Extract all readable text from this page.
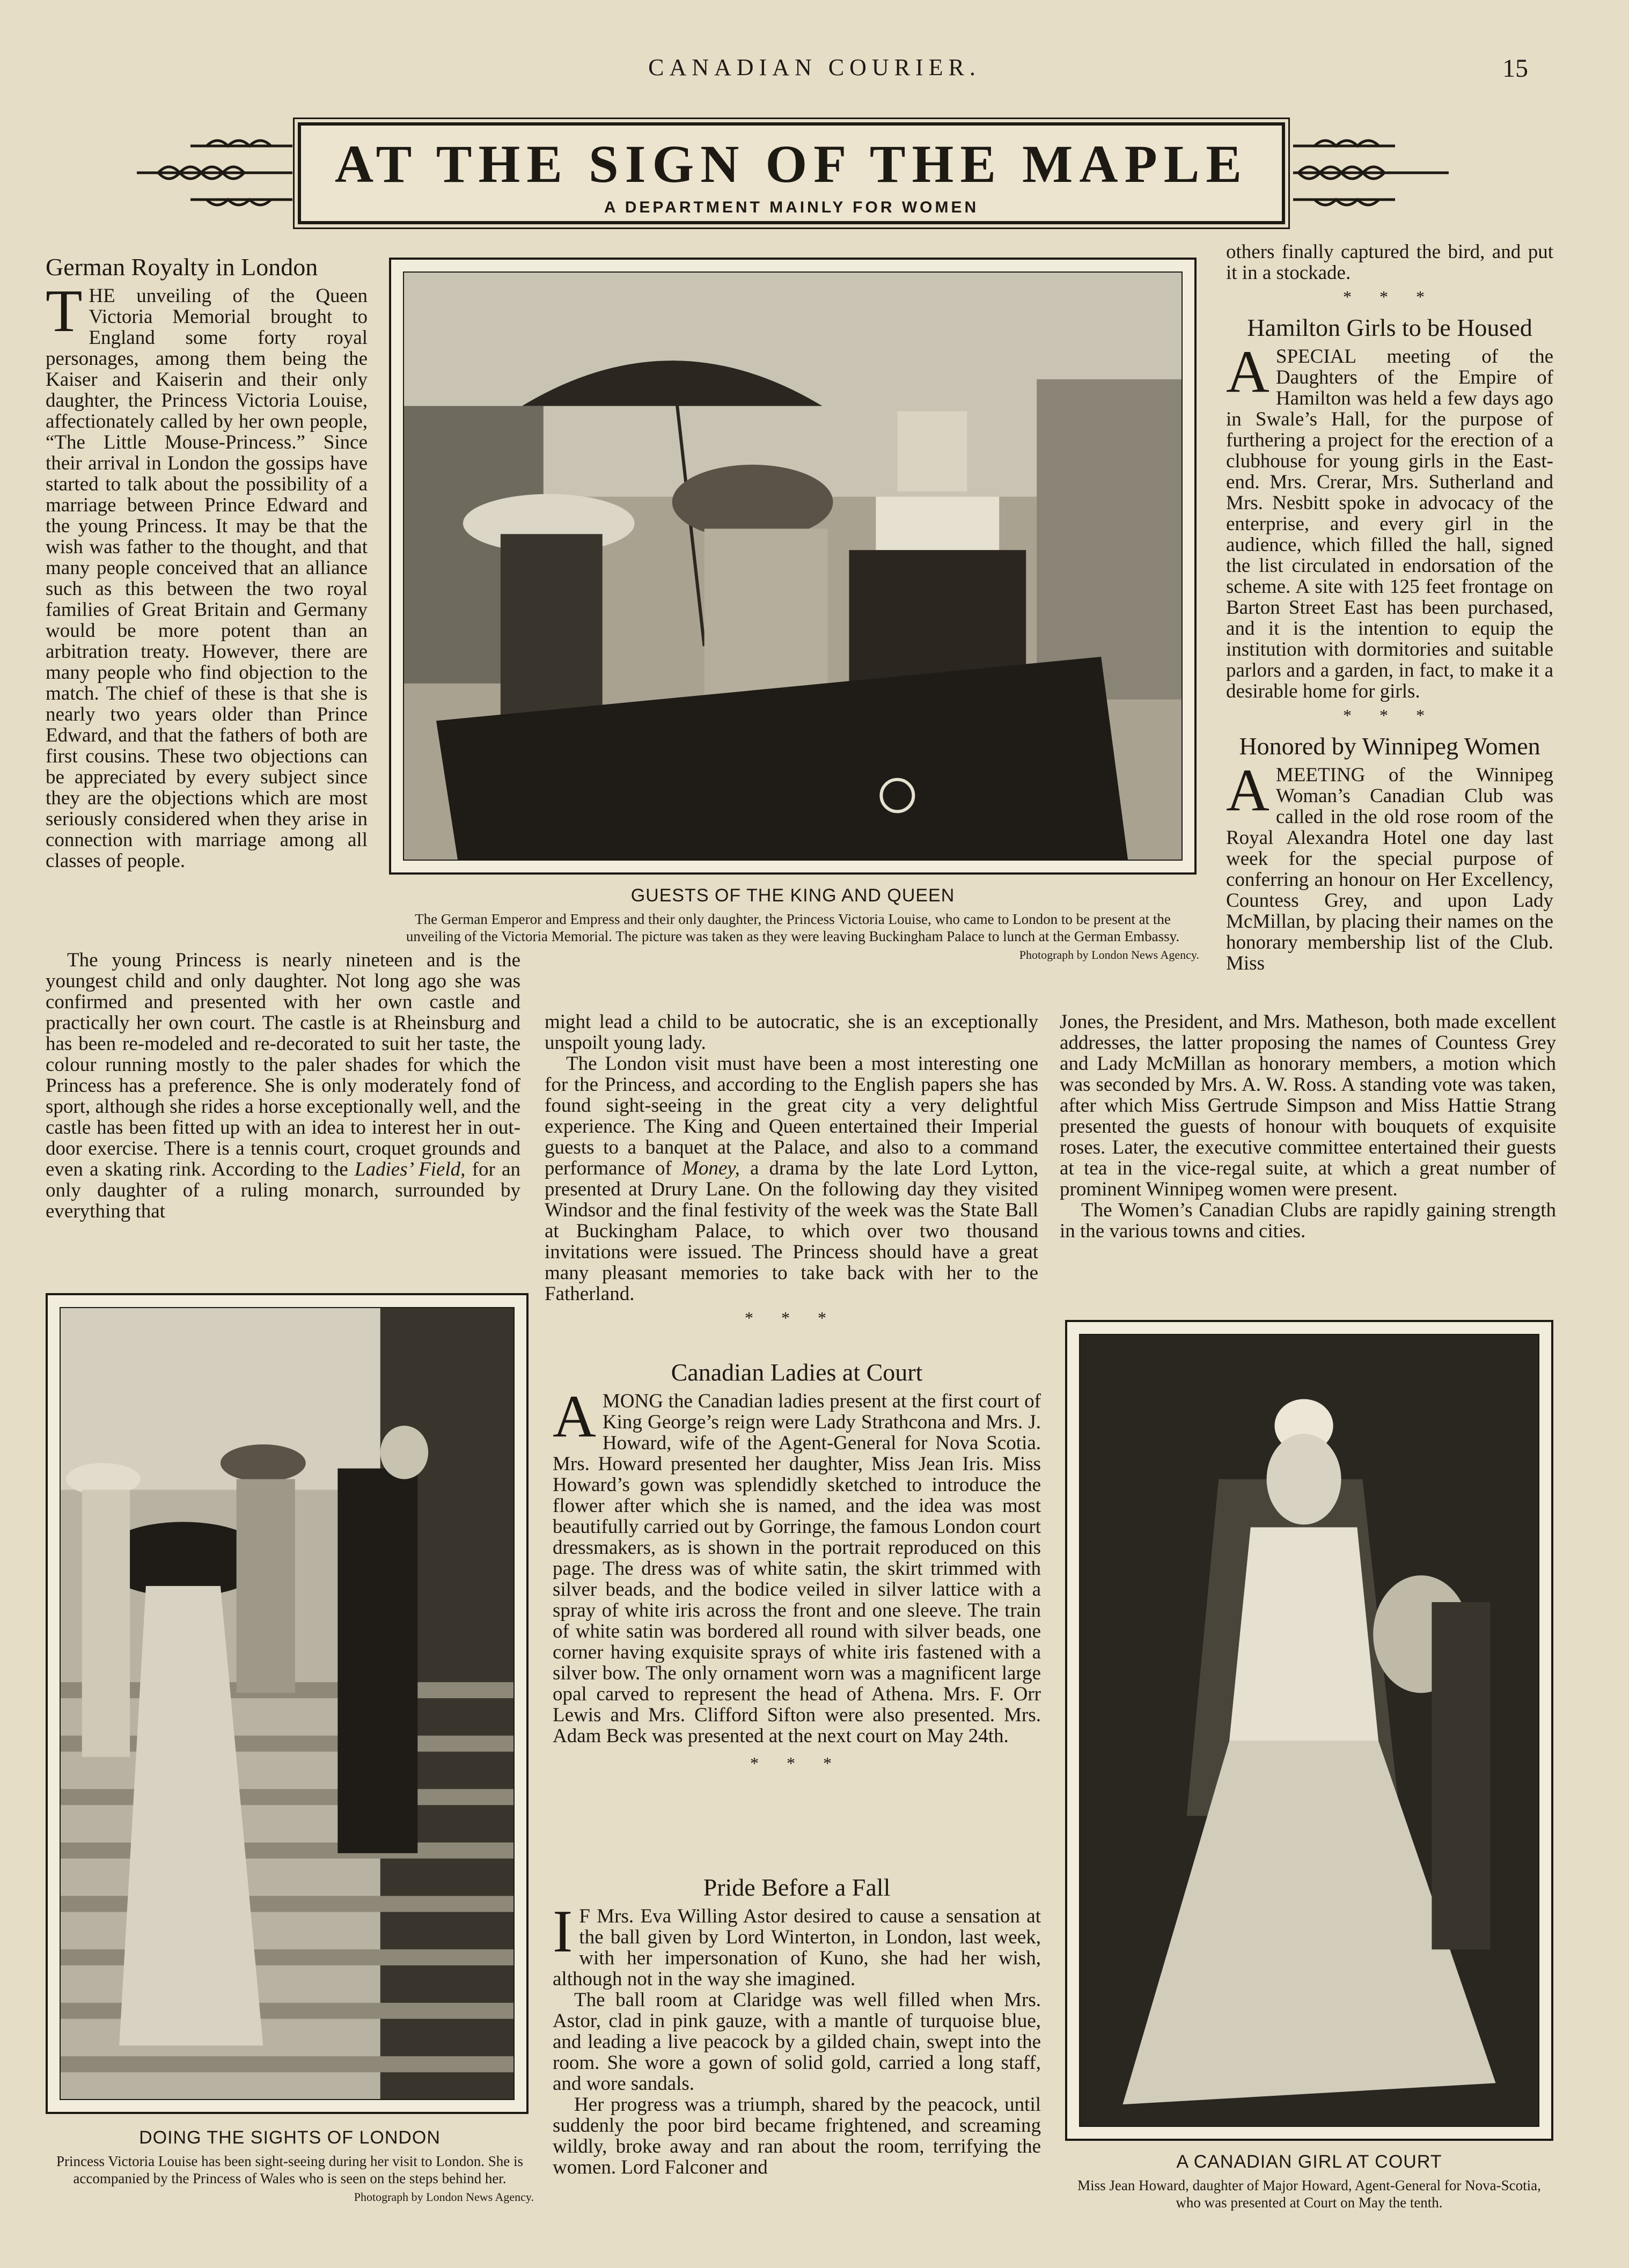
CANADIAN COURIER.	15
AT THE SIGN OF THE MAPLE
A DEPARTMENT MAINLY FOR WOMEN
German Royalty in London
T HE unveiling of the Queen Victoria Memorial brought to England some forty royal personages, among them being the Kaiser and Kaiserin and their only daughter, the Princess Victoria Louise, affectionately called by her own people, “The Little Mouse-Princess.” Since their arrival in London the gossips have started to talk about the possibility of a marriage between Prince Edward and the young Princess. It may be that the wish was father to the thought, and that many people conceived that an alliance such as this between the two royal families of Great Britain and Germany would be more potent than an arbitration treaty. However, there are many people who find objection to the match. The chief of these is that she is nearly two years older than Prince Edward, and that the fathers of both are first cousins. These two objections can be appreciated by every subject since they are the objections which are most seriously considered when they arise in connection with marriage among all classes of people.

The young Princess is nearly nineteen and is the youngest child and only daughter. Not long ago she was confirmed and presented with her own castle and practically her own court. The castle is at Rheinsburg and has been re-modeled and re-decorated to suit her taste, the colour running mostly to the paler shades for which the Princess has a preference. She is only moderately fond of sport, although she rides a horse exceptionally well, and the castle has been fitted up with an idea to interest her in out-door exercise. There is a tennis court, croquet grounds and even a skating rink. According to the Ladies’ Field, for an only daughter of a ruling monarch, surrounded by everything that

GUESTS OF THE KING AND QUEEN
The German Emperor and Empress and their only daughter, the Princess Victoria Louise, who came to London to be present at the unveiling of the Victoria Memorial. The picture was taken as they were leaving Buckingham Palace to lunch at the German Embassy.
Photograph by London News Agency.

might lead a child to be autocratic, she is an exceptionally unspoilt young lady.

The London visit must have been a most interesting one for the Princess, and according to the English papers she has found sight-seeing in the great city a very delightful experience. The King and Queen entertained their Imperial guests to a banquet at the Palace, and also to a command performance of Money, a drama by the late Lord Lytton, presented at Drury Lane. On the following day they visited Windsor and the final festivity of the week was the State Ball at Buckingham Palace, to which over two thousand invitations were issued. The Princess should have a great many pleasant memories to take back with her to the Fatherland.

* * *
Canadian Ladies at Court
A MONG the Canadian ladies present at the first court of King George’s reign were Lady Strathcona and Mrs. J. Howard, wife of the Agent-General for Nova Scotia. Mrs. Howard presented her daughter, Miss Jean Iris. Miss Howard’s gown was splendidly sketched to introduce the flower after which she is named, and the idea was most beautifully carried out by Gorringe, the famous London court dressmakers, as is shown in the portrait reproduced on this page. The dress was of white satin, the skirt trimmed with silver beads, and the bodice veiled in silver lattice with a spray of white iris across the front and one sleeve. The train of white satin was bordered all round with silver beads, one corner having exquisite sprays of white iris fastened with a silver bow. The only ornament worn was a magnificent large opal carved to represent the head of Athena. Mrs. F. Orr Lewis and Mrs. Clifford Sifton were also presented. Mrs. Adam Beck was presented at the next court on May 24th.

* * *
Pride Before a Fall
I F Mrs. Eva Willing Astor desired to cause a sensation at the ball given by Lord Winterton, in London, last week, with her impersonation of Kuno, she had her wish, although not in the way she imagined.

The ball room at Claridge was well filled when Mrs. Astor, clad in pink gauze, with a mantle of turquoise blue, and leading a live peacock by a gilded chain, swept into the room. She wore a gown of solid gold, carried a long staff, and wore sandals.

Her progress was a triumph, shared by the peacock, until suddenly the poor bird became frightened, and screaming wildly, broke away and ran about the room, terrifying the women. Lord Falconer and

others finally captured the bird, and put it in a stockade.

* * *
Hamilton Girls to be Housed
A SPECIAL meeting of the Daughters of the Empire of Hamilton was held a few days ago in Swale’s Hall, for the purpose of furthering a project for the erection of a clubhouse for young girls in the East-end. Mrs. Crerar, Mrs. Sutherland and Mrs. Nesbitt spoke in advocacy of the enterprise, and every girl in the audience, which filled the hall, signed the list circulated in endorsation of the scheme. A site with 125 feet frontage on Barton Street East has been purchased, and it is the intention to equip the institution with dormitories and suitable parlors and a garden, in fact, to make it a desirable home for girls.

* * *
Honored by Winnipeg Women
A MEETING of the Winnipeg Woman’s Canadian Club was called in the old rose room of the Royal Alexandra Hotel one day last week for the special purpose of conferring an honour on Her Excellency, Countess Grey, and upon Lady McMillan, by placing their names on the honorary membership list of the Club. Miss

Jones, the President, and Mrs. Matheson, both made excellent addresses, the latter proposing the names of Countess Grey and Lady McMillan as honorary members, a motion which was seconded by Mrs. A. W. Ross. A standing vote was taken, after which Miss Gertrude Simpson and Miss Hattie Strang presented the guests of honour with bouquets of exquisite roses. Later, the executive committee entertained their guests at tea in the vice-regal suite, at which a great number of prominent Winnipeg women were present.

The Women’s Canadian Clubs are rapidly gaining strength in the various towns and cities.

DOING THE SIGHTS OF LONDON
Princess Victoria Louise has been sight-seeing during her visit to London. She is accompanied by the Princess of Wales who is seen on the steps behind her.
Photograph by London News Agency.
A CANADIAN GIRL AT COURT
Miss Jean Howard, daughter of Major Howard, Agent-General for Nova-Scotia, who was presented at Court on May the tenth.
